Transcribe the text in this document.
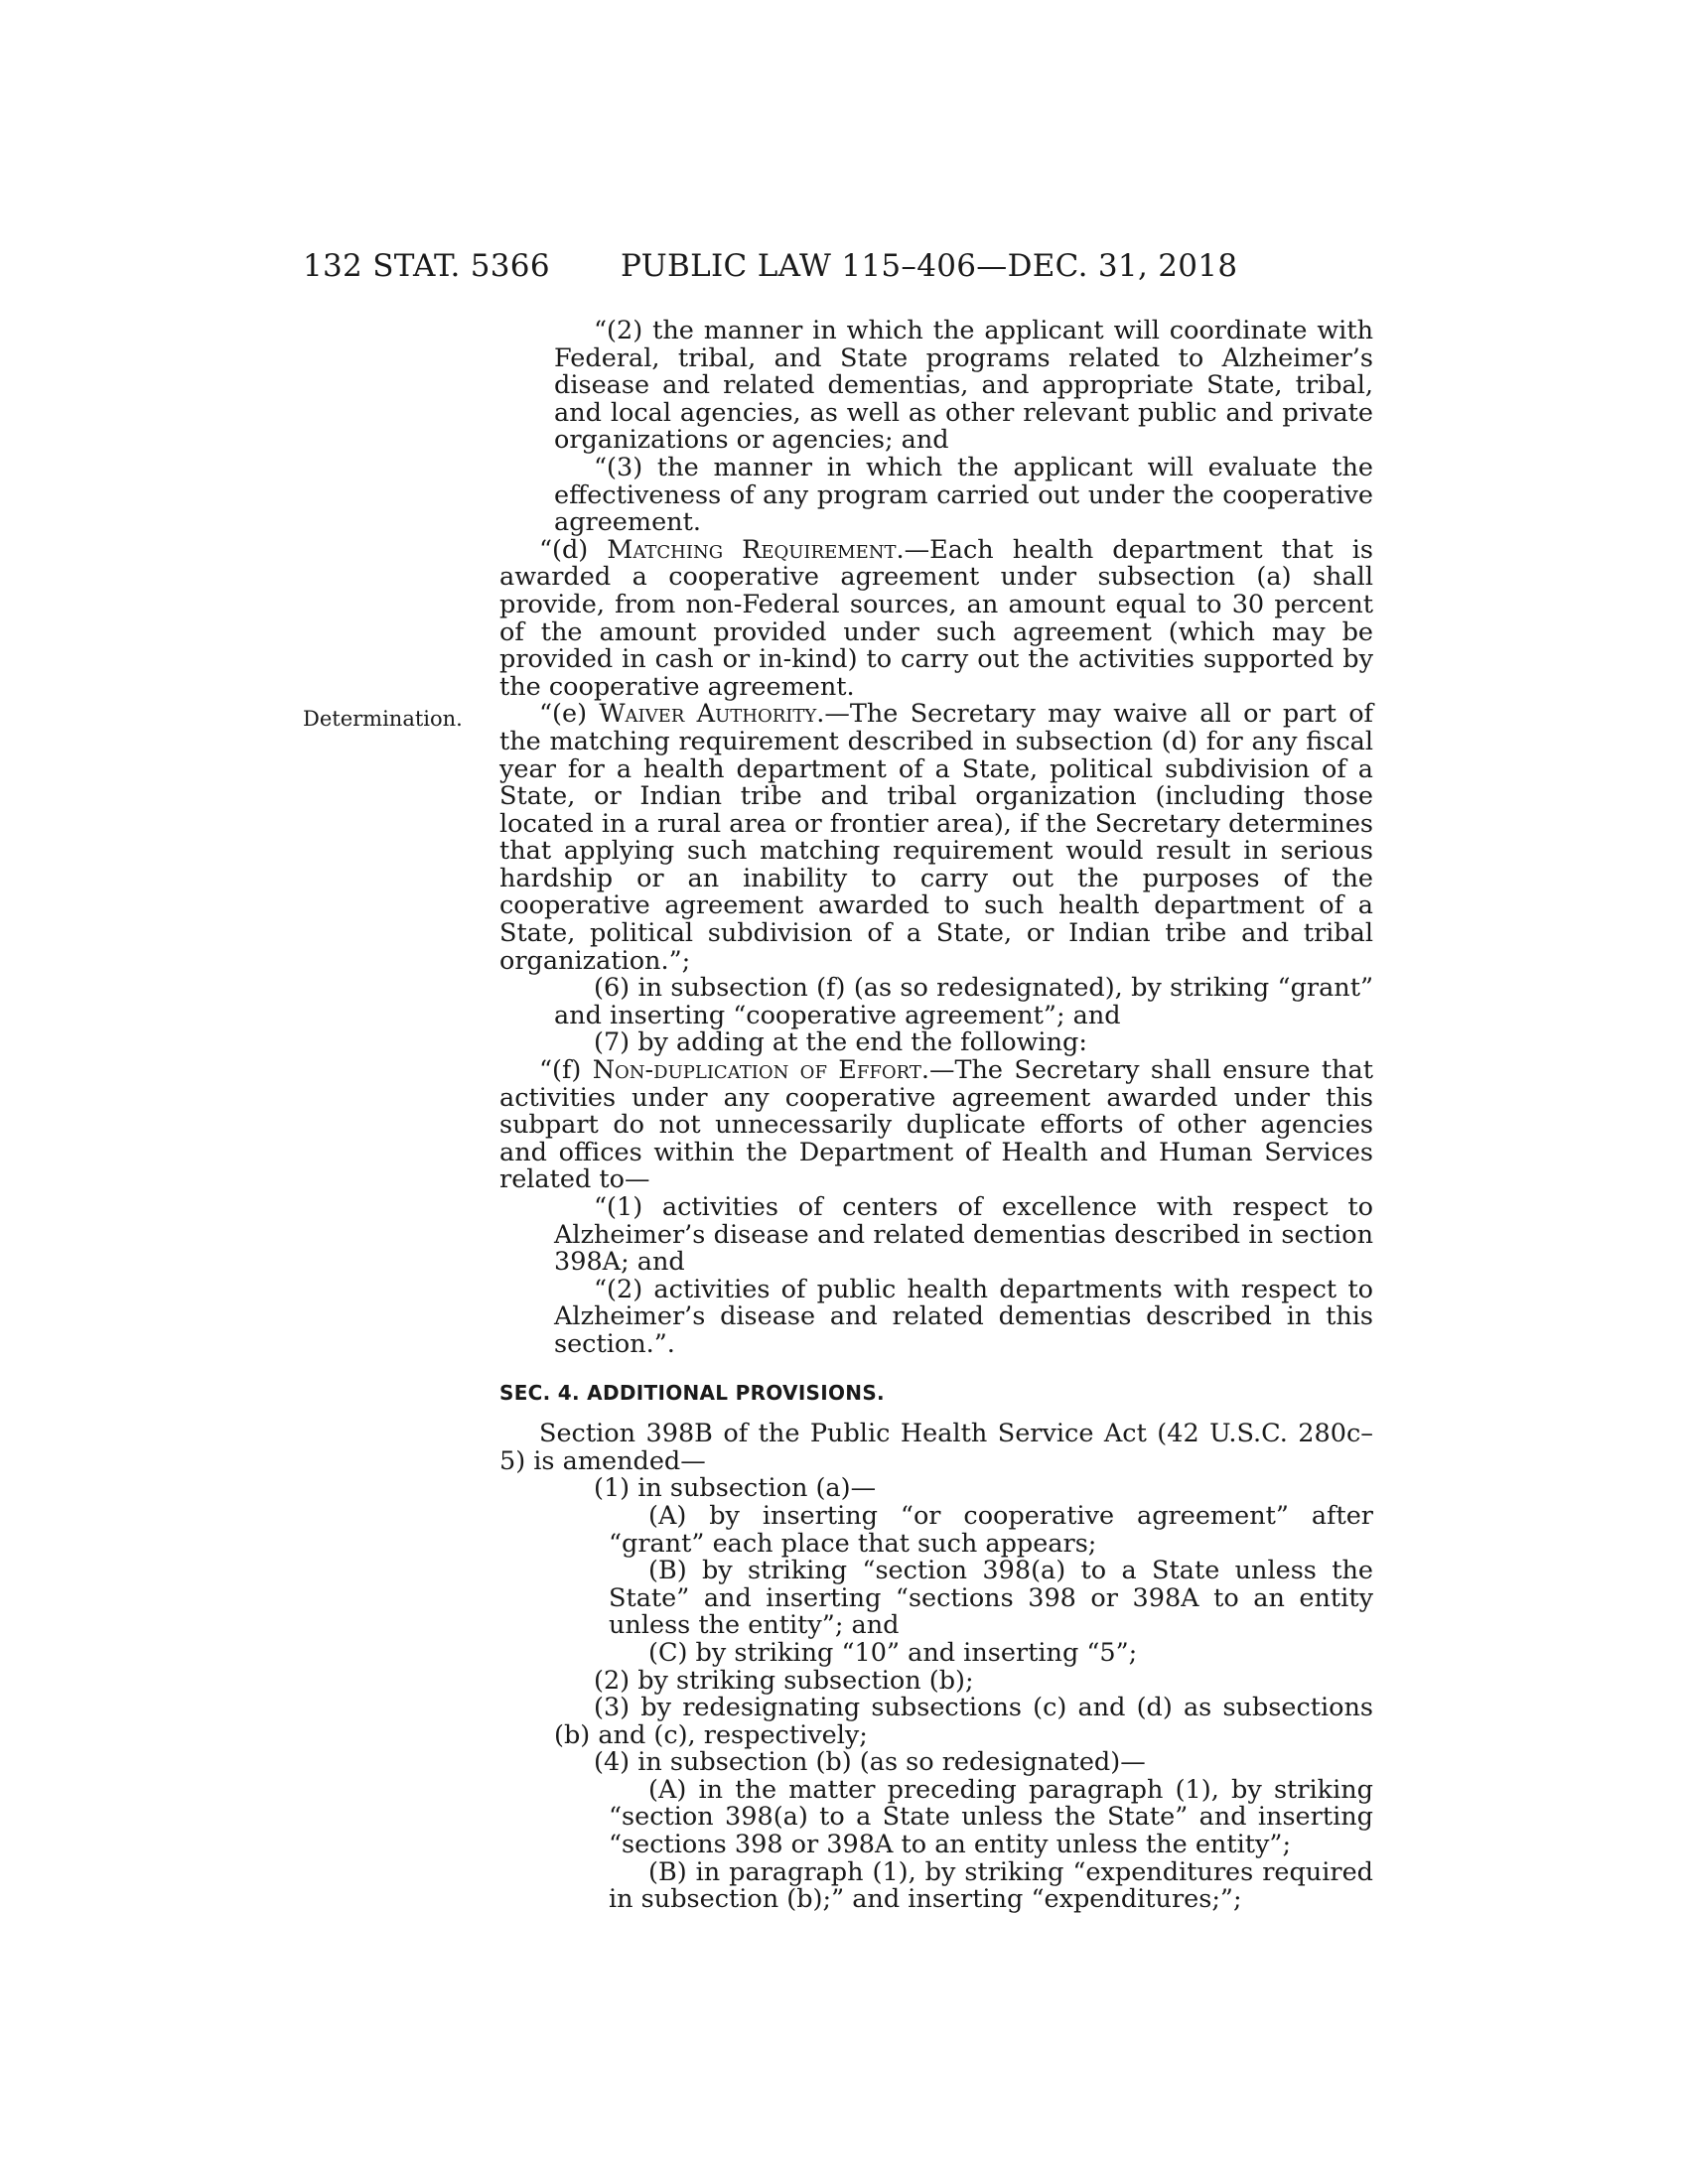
132 STAT. 5366 PUBLIC LAW 115–406—DEC. 31, 2018
Determination.

“(2) the manner in which the applicant will coordinate with Federal, tribal, and State programs related to Alzheimer’s disease and related dementias, and appropriate State, tribal, and local agencies, as well as other relevant public and private organizations or agencies; and

“(3) the manner in which the applicant will evaluate the effectiveness of any program carried out under the cooperative agreement.

“(d) Matching Requirement.—Each health department that is awarded a cooperative agreement under subsection (a) shall provide, from non-Federal sources, an amount equal to 30 percent of the amount provided under such agreement (which may be provided in cash or in-kind) to carry out the activities supported by the cooperative agreement.

“(e) Waiver Authority.—The Secretary may waive all or part of the matching requirement described in subsection (d) for any fiscal year for a health department of a State, political subdivision of a State, or Indian tribe and tribal organization (including those located in a rural area or frontier area), if the Secretary determines that applying such matching requirement would result in serious hardship or an inability to carry out the purposes of the cooperative agreement awarded to such health department of a State, political subdivision of a State, or Indian tribe and tribal organization.”;

(6) in subsection (f) (as so redesignated), by striking “grant” and inserting “cooperative agreement”; and

(7) by adding at the end the following:

“(f) Non-duplication of Effort.—The Secretary shall ensure that activities under any cooperative agreement awarded under this subpart do not unnecessarily duplicate efforts of other agencies and offices within the Department of Health and Human Services related to—

“(1) activities of centers of excellence with respect to Alzheimer’s disease and related dementias described in section 398A; and

“(2) activities of public health departments with respect to Alzheimer’s disease and related dementias described in this section.”.

SEC. 4. ADDITIONAL PROVISIONS.

Section 398B of the Public Health Service Act (42 U.S.C. 280c–5) is amended—

(1) in subsection (a)—

(A) by inserting “or cooperative agreement” after “grant” each place that such appears;

(B) by striking “section 398(a) to a State unless the State” and inserting “sections 398 or 398A to an entity unless the entity”; and

(C) by striking “10” and inserting “5”;

(2) by striking subsection (b);

(3) by redesignating subsections (c) and (d) as subsections (b) and (c), respectively;

(4) in subsection (b) (as so redesignated)—

(A) in the matter preceding paragraph (1), by striking “section 398(a) to a State unless the State” and inserting “sections 398 or 398A to an entity unless the entity”;

(B) in paragraph (1), by striking “expenditures required in subsection (b);” and inserting “expenditures;”;
